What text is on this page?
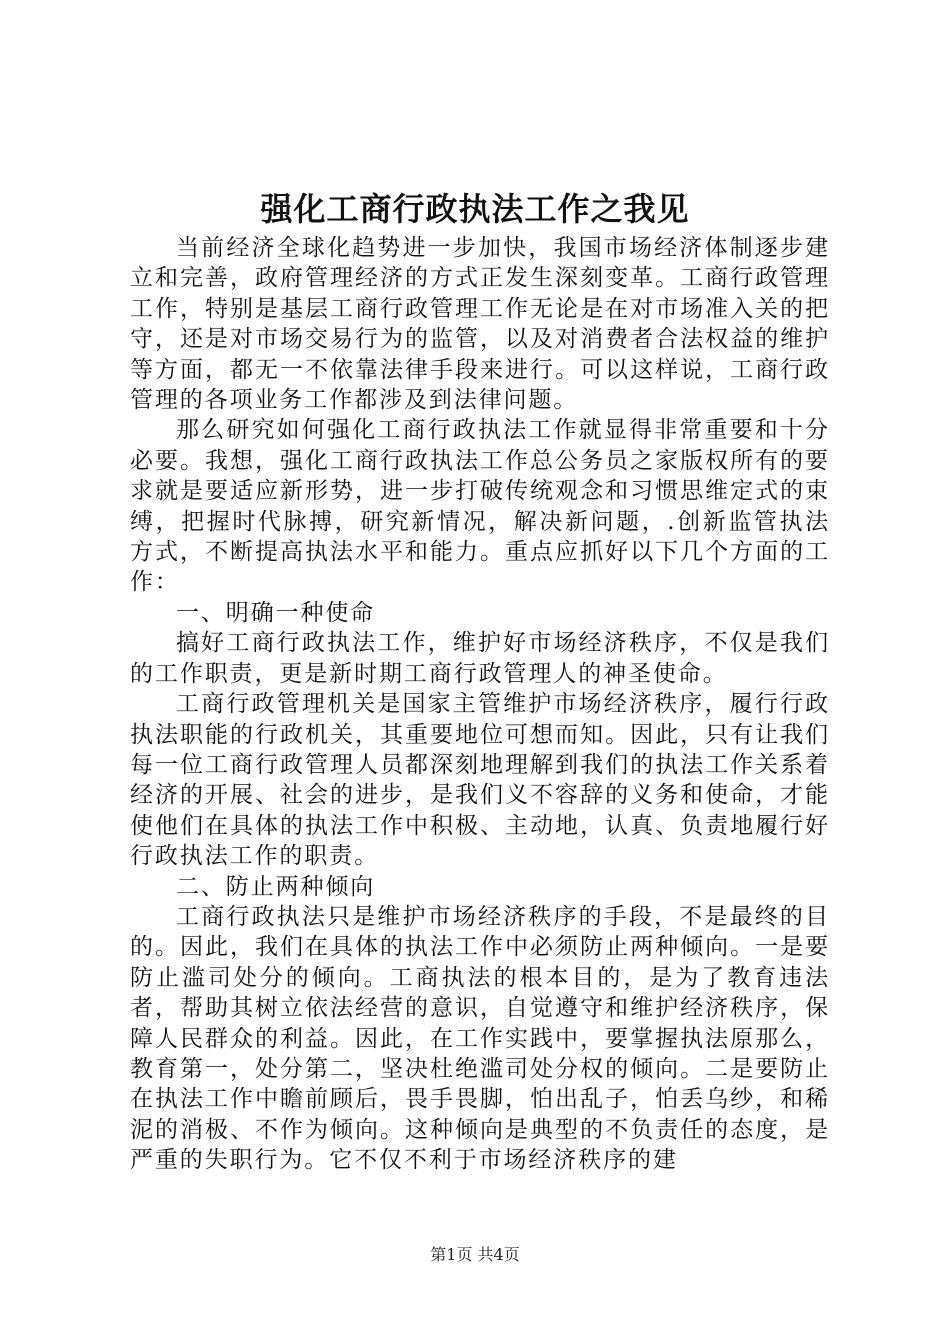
强化工商行政执法工作之我见

当前经济全球化趋势进一步加快，我国市场经济体制逐步建立和完善，政府管理经济的方式正发生深刻变革。工商行政管理工作，特别是基层工商行政管理工作无论是在对市场准入关的把守，还是对市场交易行为的监管，以及对消费者合法权益的维护等方面，都无一不依靠法律手段来进行。可以这样说，工商行政管理的各项业务工作都涉及到法律问题。

那么研究如何强化工商行政执法工作就显得非常重要和十分必要。我想，强化工商行政执法工作总公务员之家版权所有的要求就是要适应新形势，进一步打破传统观念和习惯思维定式的束缚，把握时代脉搏，研究新情况，解决新问题，.创新监管执法方式，不断提高执法水平和能力。重点应抓好以下几个方面的工作：

一、明确一种使命

搞好工商行政执法工作，维护好市场经济秩序，不仅是我们的工作职责，更是新时期工商行政管理人的神圣使命。

工商行政管理机关是国家主管维护市场经济秩序，履行行政执法职能的行政机关，其重要地位可想而知。因此，只有让我们每一位工商行政管理人员都深刻地理解到我们的执法工作关系着经济的开展、社会的进步，是我们义不容辞的义务和使命，才能使他们在具体的执法工作中积极、主动地，认真、负责地履行好行政执法工作的职责。

二、防止两种倾向

工商行政执法只是维护市场经济秩序的手段，不是最终的目的。因此，我们在具体的执法工作中必须防止两种倾向。一是要防止滥司处分的倾向。工商执法的根本目的，是为了教育违法者，帮助其树立依法经营的意识，自觉遵守和维护经济秩序，保障人民群众的利益。因此，在工作实践中，要掌握执法原那么，教育第一，处分第二，坚决杜绝滥司处分权的倾向。二是要防止在执法工作中瞻前顾后，畏手畏脚，怕出乱子，怕丢乌纱，和稀泥的消极、不作为倾向。这种倾向是典型的不负责任的态度，是严重的失职行为。它不仅不利于市场经济秩序的建

第1页 共4页
